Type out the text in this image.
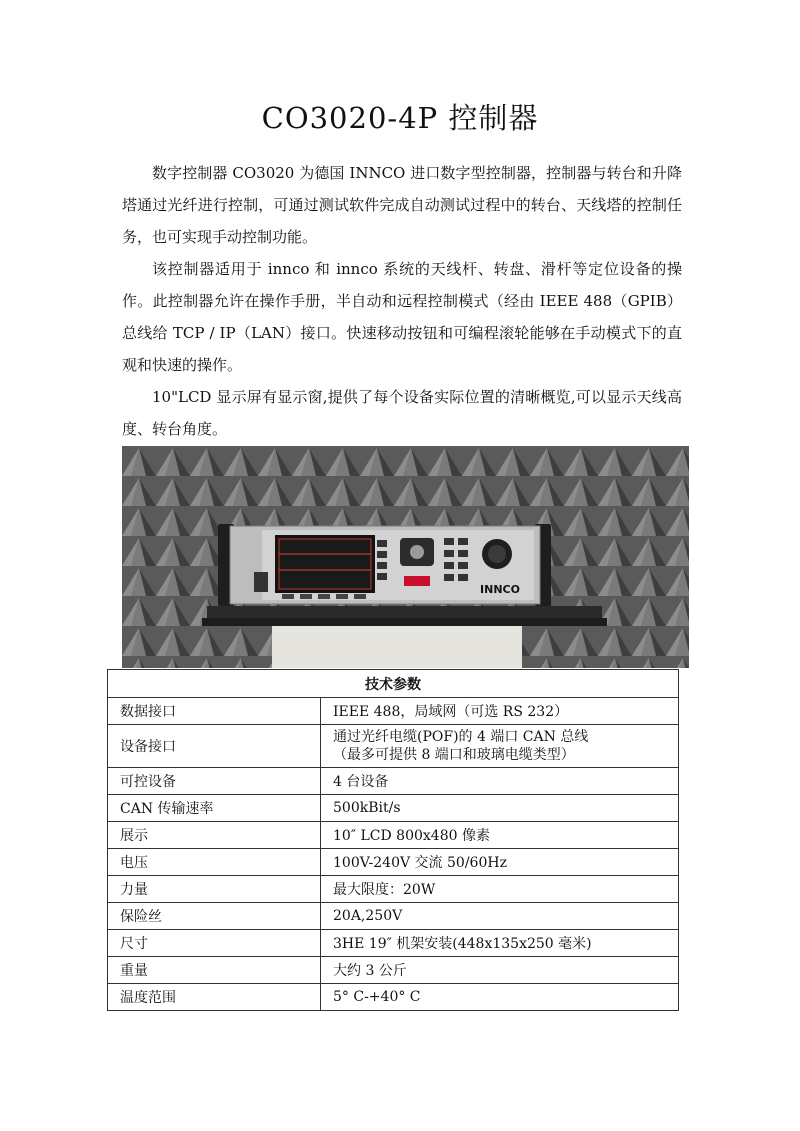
CO3020-4P 控制器

数字控制器 CO3020 为德国 INNCO 进口数字型控制器，控制器与转台和升降塔通过光纤进行控制，可通过测试软件完成自动测试过程中的转台、天线塔的控制任务，也可实现手动控制功能。

该控制器适用于 innco 和 innco 系统的天线杆、转盘、滑杆等定位设备的操作。此控制器允许在操作手册，半自动和远程控制模式（经由 IEEE 488（GPIB）总线给 TCP / IP（LAN）接口。快速移动按钮和可编程滚轮能够在手动模式下的直观和快速的操作。

10"LCD 显示屏有显示窗,提供了每个设备实际位置的清晰概览,可以显示天线高度、转台角度。

INNCO
技术参数	
数据接口	IEEE 488，局域网（可选 RS 232）
设备接口	通过光纤电缆(POF)的 4 端口 CAN 总线
（最多可提供 8 端口和玻璃电缆类型）

可控设备	4 台设备
CAN 传输速率	500kBit/s
展示	10″ LCD 800x480 像素
电压	100V-240V 交流 50/60Hz
力量	最大限度：20W
保险丝	20A,250V
尺寸	3HE 19″ 机架安装(448x135x250 毫米)
重量	大约 3 公斤
温度范围	5° C-+40° C
